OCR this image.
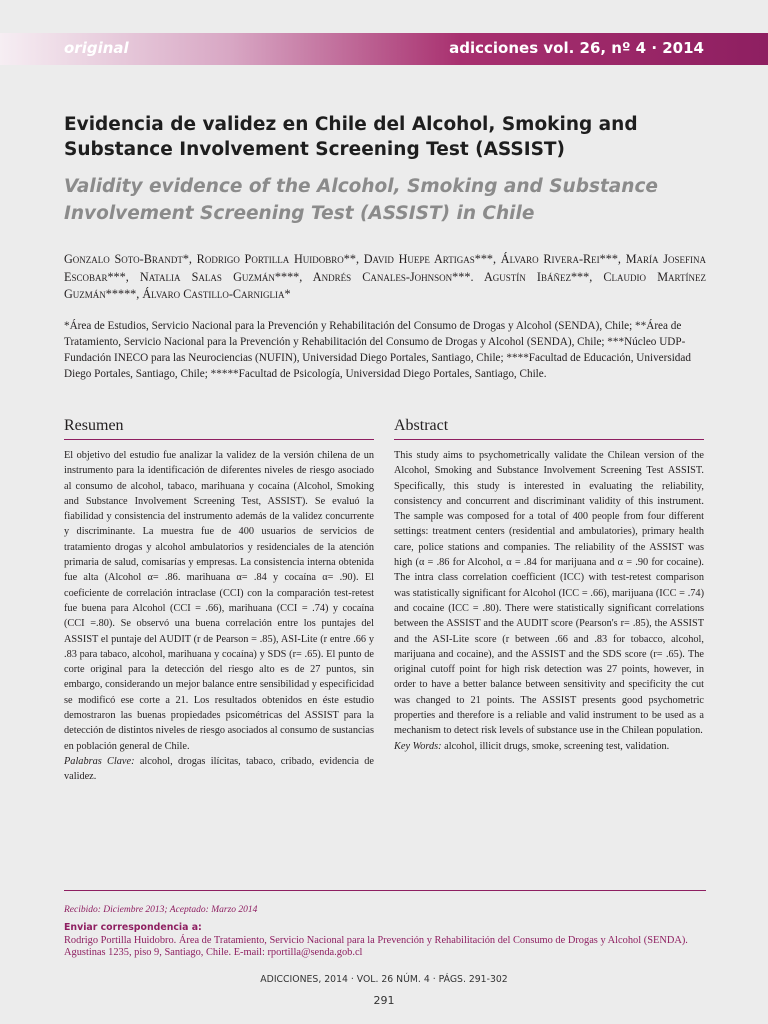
original	adicciones vol. 26, nº 4 · 2014
Evidencia de validez en Chile del Alcohol, Smoking and Substance Involvement Screening Test (ASSIST)
Validity evidence of the Alcohol, Smoking and Substance Involvement Screening Test (ASSIST) in Chile

Gonzalo Soto-Brandt*, Rodrigo Portilla Huidobro**, David Huepe Artigas***, Álvaro Rivera-Rei***, María Josefina Escobar***, Natalia Salas Guzmán****, Andrés Canales-Johnson***. Agustín Ibáñez***, Claudio Martínez Guzmán*****, Álvaro Castillo-Carniglia*

*Área de Estudios, Servicio Nacional para la Prevención y Rehabilitación del Consumo de Drogas y Alcohol (SENDA), Chile; **Área de Tratamiento, Servicio Nacional para la Prevención y Rehabilitación del Consumo de Drogas y Alcohol (SENDA), Chile; ***Núcleo UDP-Fundación INECO para las Neurociencias (NUFIN), Universidad Diego Portales, Santiago, Chile; ****Facultad de Educación, Universidad Diego Portales, Santiago, Chile; *****Facultad de Psicología, Universidad Diego Portales, Santiago, Chile.

Resumen
El objetivo del estudio fue analizar la validez de la versión chilena de un instrumento para la identificación de diferentes niveles de riesgo asociado al consumo de alcohol, tabaco, marihuana y cocaína (Alcohol, Smoking and Substance Involvement Screening Test, ASSIST). Se evaluó la fiabilidad y consistencia del instrumento además de la validez concurrente y discriminante. La muestra fue de 400 usuarios de servicios de tratamiento drogas y alcohol ambulatorios y residenciales de la atención primaria de salud, comisarías y empresas. La consistencia interna obtenida fue alta (Alcohol α= .86. marihuana α= .84 y cocaína α= .90). El coeficiente de correlación intraclase (CCI) con la comparación test-retest fue buena para Alcohol (CCI = .66), marihuana (CCI = .74) y cocaína (CCI =.80). Se observó una buena correlación entre los puntajes del ASSIST el puntaje del AUDIT (r de Pearson = .85), ASI-Lite (r entre .66 y .83 para tabaco, alcohol, marihuana y cocaína) y SDS (r= .65). El punto de corte original para la detección del riesgo alto es de 27 puntos, sin embargo, considerando un mejor balance entre sensibilidad y especificidad se modificó ese corte a 21. Los resultados obtenidos en éste estudio demostraron las buenas propiedades psicométricas del ASSIST para la detección de distintos niveles de riesgo asociados al consumo de sustancias en población general de Chile.
Palabras Clave: alcohol, drogas ilícitas, tabaco, cribado, evidencia de validez.
Abstract
This study aims to psychometrically validate the Chilean version of the Alcohol, Smoking and Substance Involvement Screening Test ASSIST. Specifically, this study is interested in evaluating the reliability, consistency and concurrent and discriminant validity of this instrument. The sample was composed for a total of 400 people from four different settings: treatment centers (residential and ambulatories), primary health care, police stations and companies. The reliability of the ASSIST was high (α = .86 for Alcohol, α = .84 for marijuana and α = .90 for cocaine). The intra class correlation coefficient (ICC) with test-retest comparison was statistically significant for Alcohol (ICC = .66), marijuana (ICC = .74) and cocaine (ICC = .80). There were statistically significant correlations between the ASSIST and the AUDIT score (Pearson's r= .85), the ASSIST and the ASI-Lite score (r between .66 and .83 for tobacco, alcohol, marijuana and cocaine), and the ASSIST and the SDS score (r= .65). The original cutoff point for high risk detection was 27 points, however, in order to have a better balance between sensitivity and specificity the cut was changed to 21 points. The ASSIST presents good psychometric properties and therefore is a reliable and valid instrument to be used as a mechanism to detect risk levels of substance use in the Chilean population.
Key Words: alcohol, illicit drugs, smoke, screening test, validation.
Recibido: Diciembre 2013; Aceptado: Marzo 2014
Enviar correspondencia a:
Rodrigo Portilla Huidobro. Área de Tratamiento, Servicio Nacional para la Prevención y Rehabilitación del Consumo de Drogas y Alcohol (SENDA). Agustinas 1235, piso 9, Santiago, Chile. E-mail: rportilla@senda.gob.cl
ADICCIONES, 2014 · VOL. 26 NÚM. 4 · PÁGS. 291-302
291
